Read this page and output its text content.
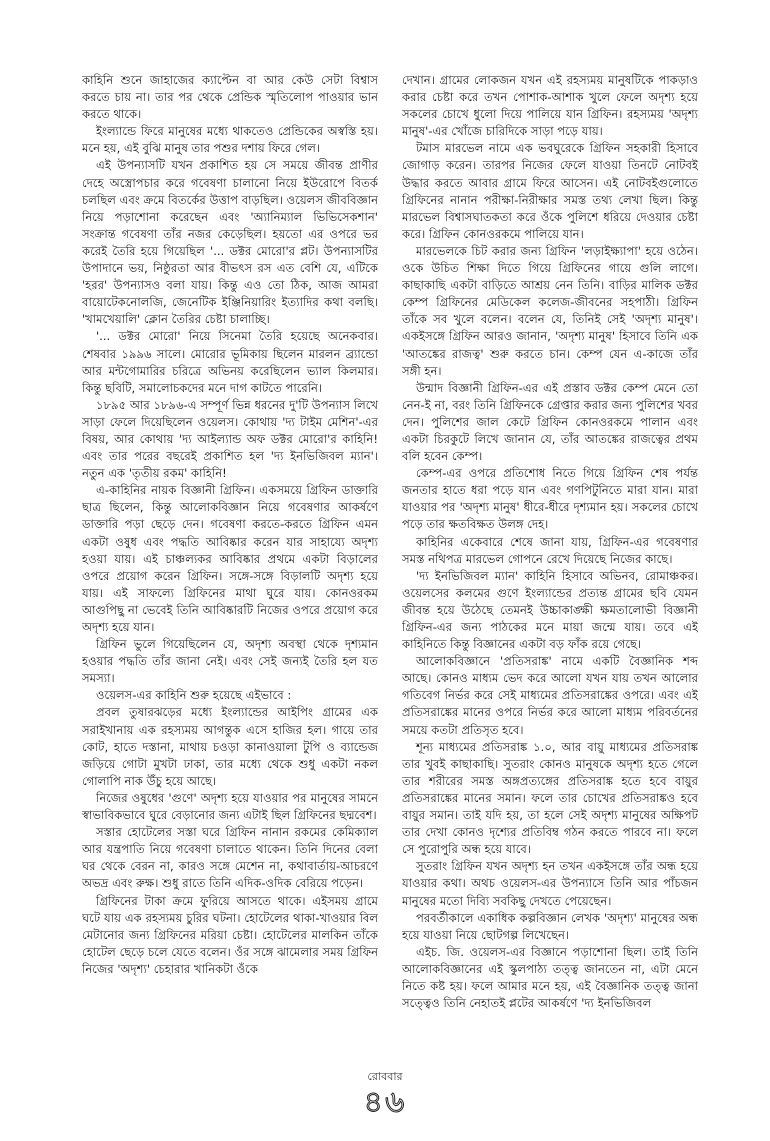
কাহিনি শুনে জাহাজের ক্যাপ্টেন বা আর কেউ সেটা বিশ্বাস করতে চায় না। তার পর থেকে প্রেন্ডিক স্মৃতিলোপ পাওয়ার ভান করতে থাকে।

ইংল্যান্ডে ফিরে মানুষের মধ্যে থাকতেও প্রেন্ডিকের অস্বস্তি হয়। মনে হয়, এই বুঝি মানুষ তার পশুর দশায় ফিরে গেল।

এই উপন্যাসটি যখন প্রকাশিত হয় সে সময়ে জীবন্ত প্রাণীর দেহে অস্ত্রোপচার করে গবেষণা চালানো নিয়ে ইউরোপে বিতর্ক চলছিল এবং ক্রমে বিতর্কের উত্তাপ বাড়ছিল। ওয়েলস জীববিজ্ঞান নিয়ে পড়াশোনা করেছেন এবং 'অ্যানিম্যাল ভিভিসেকশান' সংক্রান্ত গবেষণা তাঁর নজর কেড়েছিল। হয়তো এর ওপরে ভর করেই তৈরি হয়ে গিয়েছিল '... ডক্টর মোরো'র প্লট। উপন্যাসটির উপাদানে ভয়, নিষ্ঠুরতা আর বীভৎস রস এত বেশি যে, এটিকে 'হরর' উপন্যাসও বলা যায়। কিন্তু এও তো ঠিক, আজ আমরা বায়োটেকনোলজি, জেনেটিক ইঞ্জিনিয়ারিং ইত্যাদির কথা বলছি। 'খামখেয়ালি' ক্লোন তৈরির চেষ্টা চালাচ্ছি।

'... ডক্টর মোরো' নিয়ে সিনেমা তৈরি হয়েছে অনেকবার। শেষবার ১৯৯৬ সালে। মোরোর ভূমিকায় ছিলেন মারলন ব্র্যান্ডো আর মন্টগোমারির চরিত্রে অভিনয় করেছিলেন ভ্যাল কিলমার। কিন্তু ছবিটি, সমালোচকদের মনে দাগ কাটতে পারেনি।

১৮৯৫ আর ১৮৯৬-এ সম্পূর্ণ ভিন্ন ধরনের দু'টি উপন্যাস লিখে সাড়া ফেলে দিয়েছিলেন ওয়েলস। কোথায় 'দ্য টাইম মেশিন'-এর বিষয়, আর কোথায় 'দ্য আইল্যান্ড অফ ডক্টর মোরো'র কাহিনি! এবং তার পরের বছরেই প্রকাশিত হল 'দ্য ইনভিজিবল ম্যান'। নতুন এক 'তৃতীয় রকম' কাহিনি!

এ-কাহিনির নায়ক বিজ্ঞানী গ্রিফিন। একসময়ে গ্রিফিন ডাক্তারি ছাত্র ছিলেন, কিন্তু আলোকবিজ্ঞান নিয়ে গবেষণার আকর্ষণে ডাক্তারি পড়া ছেড়ে দেন। গবেষণা করতে-করতে গ্রিফিন এমন একটা ওষুধ এবং পদ্ধতি আবিষ্কার করেন যার সাহায্যে অদৃশ্য হওয়া যায়। এই চাঞ্চল্যকর আবিষ্কার প্রথমে একটা বিড়ালের ওপরে প্রয়োগ করেন গ্রিফিন। সঙ্গে-সঙ্গে বিড়ালটি অদৃশ্য হয়ে যায়। এই সাফল্যে গ্রিফিনের মাথা ঘুরে যায়। কোনওরকম আগুপিছু না ভেবেই তিনি আবিষ্কারটি নিজের ওপরে প্রয়োগ করে অদৃশ্য হয়ে যান।

গ্রিফিন ভুলে গিয়েছিলেন যে, অদৃশ্য অবস্থা থেকে দৃশ্যমান হওয়ার পদ্ধতি তাঁর জানা নেই। এবং সেই জন্যই তৈরি হল যত সমস্যা।

ওয়েলস-এর কাহিনি শুরু হয়েছে এইভাবে :

প্রবল তুষারঝড়ের মধ্যে ইংল্যান্ডের আইপিং গ্রামের এক সরাইখানায় এক রহস্যময় আগন্তুক এসে হাজির হল। গায়ে তার কোট, হাতে দস্তানা, মাথায় চওড়া কানাওয়ালা টুপি ও ব্যান্ডেজ জড়িয়ে গোটা মুখটা ঢাকা, তার মধ্যে থেকে শুধু একটা নকল গোলাপি নাক উঁচু হয়ে আছে।

নিজের ওষুধের 'গুণে' অদৃশ্য হয়ে যাওয়ার পর মানুষের সামনে স্বাভাবিকভাবে ঘুরে বেড়ানোর জন্য এটাই ছিল গ্রিফিনের ছদ্মবেশ।

সস্তার হোটেলের সস্তা ঘরে গ্রিফিন নানান রকমের কেমিক্যাল আর যন্ত্রপাতি নিয়ে গবেষণা চালাতে থাকেন। তিনি দিনের বেলা ঘর থেকে বেরন না, কারও সঙ্গে মেশেন না, কথাবার্তায়-আচরণে অভদ্র এবং রুক্ষ। শুধু রাতে তিনি এদিক-ওদিক বেরিয়ে পড়েন।

গ্রিফিনের টাকা ক্রমে ফুরিয়ে আসতে থাকে। এইসময় গ্রামে ঘটে যায় এক রহস্যময় চুরির ঘটনা। হোটেলের থাকা-খাওয়ার বিল মেটানোর জন্য গ্রিফিনের মরিয়া চেষ্টা। হোটেলের মালকিন তাঁকে হোটেল ছেড়ে চলে যেতে বলেন। ওঁর সঙ্গে ঝামেলার সময় গ্রিফিন নিজের 'অদৃশ্য' চেহারার খানিকটা ওঁকে

দেখান। গ্রামের লোকজন যখন এই রহস্যময় মানুষটিকে পাকড়াও করার চেষ্টা করে তখন পোশাক-আশাক খুলে ফেলে অদৃশ্য হয়ে সকলের চোখে ধুলো দিয়ে পালিয়ে যান গ্রিফিন। রহস্যময় 'অদৃশ্য মানুষ'-এর খোঁজে চারিদিকে সাড়া পড়ে যায়।

টমাস মারভেল নামে এক ভবঘুরেকে গ্রিফিন সহকারী হিসাবে জোগাড় করেন। তারপর নিজের ফেলে যাওয়া তিনটে নোটবই উদ্ধার করতে আবার গ্রামে ফিরে আসেন। এই নোটবইগুলোতে গ্রিফিনের নানান পরীক্ষা-নিরীক্ষার সমস্ত তথ্য লেখা ছিল। কিন্তু মারভেল বিশ্বাসঘাতকতা করে ওঁকে পুলিশে ধরিয়ে দেওয়ার চেষ্টা করে। গ্রিফিন কোনওরকমে পালিয়ে যান।

মারভেলকে চিট করার জন্য গ্রিফিন 'লড়াইক্ষ্যাপা' হয়ে ওঠেন। ওকে উচিত শিক্ষা দিতে গিয়ে গ্রিফিনের গায়ে গুলি লাগে। কাছাকাছি একটা বাড়িতে আশ্রয় নেন তিনি। বাড়ির মালিক ডক্টর কেম্প গ্রিফিনের মেডিকেল কলেজ-জীবনের সহপাঠী। গ্রিফিন তাঁকে সব খুলে বলেন। বলেন যে, তিনিই সেই 'অদৃশ্য মানুষ'। একইসঙ্গে গ্রিফিন আরও জানান, 'অদৃশ্য মানুষ' হিসাবে তিনি এক 'আতঙ্কের রাজত্ব' শুরু করতে চান। কেম্প যেন এ-কাজে তাঁর সঙ্গী হন।

উন্মাদ বিজ্ঞানী গ্রিফিন-এর এই প্রস্তাব ডক্টর কেম্প মেনে তো নেন-ই না, বরং তিনি গ্রিফিনকে গ্রেপ্তার করার জন্য পুলিশের খবর দেন। পুলিশের জাল কেটে গ্রিফিন কোনওরকমে পালান এবং একটা চিরকুটে লিখে জানান যে, তাঁর আতঙ্কের রাজত্বের প্রথম বলি হবেন কেম্প।

কেম্প-এর ওপরে প্রতিশোধ নিতে গিয়ে গ্রিফিন শেষ পর্যন্ত জনতার হাতে ধরা পড়ে যান এবং গণপিটুনিতে মারা যান। মারা যাওয়ার পর 'অদৃশ্য মানুষ' ধীরে-ধীরে দৃশ্যমান হয়। সকলের চোখে পড়ে তার ক্ষতবিক্ষত উলঙ্গ দেহ।

কাহিনির একেবারে শেষে জানা যায়, গ্রিফিন-এর গবেষণার সমস্ত নথিপত্র মারভেল গোপনে রেখে দিয়েছে নিজের কাছে।

'দ্য ইনভিজিবল ম্যান' কাহিনি হিসাবে অভিনব, রোমাঞ্চকর। ওয়েলসের কলমের গুণে ইংল্যান্ডের প্রত্যন্ত গ্রামের ছবি যেমন জীবন্ত হয়ে উঠেছে তেমনই উচ্চাকাঙ্ক্ষী ক্ষমতালোভী বিজ্ঞানী গ্রিফিন-এর জন্য পাঠকের মনে মায়া জন্মে যায়। তবে এই কাহিনিতে কিন্তু বিজ্ঞানের একটা বড় ফাঁক রয়ে গেছে।

আলোকবিজ্ঞানে 'প্রতিসরাঙ্ক' নামে একটি বৈজ্ঞানিক শব্দ আছে। কোনও মাধ্যম ভেদ করে আলো যখন যায় তখন আলোর গতিবেগ নির্ভর করে সেই মাধ্যমের প্রতিসরাঙ্কের ওপরে। এবং এই প্রতিসরাঙ্কের মানের ওপরে নির্ভর করে আলো মাধ্যম পরিবর্তনের সময়ে কতটা প্রতিসৃত হবে।

শূন্য মাধ্যমের প্রতিসরাঙ্ক ১.০, আর বায়ু মাধ্যমের প্রতিসরাঙ্ক তার খুবই কাছাকাছি। সুতরাং কোনও মানুষকে অদৃশ্য হতে গেলে তার শরীরের সমস্ত অঙ্গপ্রত্যঙ্গের প্রতিসরাঙ্ক হতে হবে বায়ুর প্রতিসরাঙ্কের মানের সমান। ফলে তার চোখের প্রতিসরাঙ্কও হবে বায়ুর সমান। তাই যদি হয়, তা হলে সেই অদৃশ্য মানুষের অক্ষিপট তার দেখা কোনও দৃশ্যের প্রতিবিম্ব গঠন করতে পারবে না। ফলে সে পুরোপুরি অন্ধ হয়ে যাবে।

সুতরাং গ্রিফিন যখন অদৃশ্য হন তখন একইসঙ্গে তাঁর অন্ধ হয়ে যাওয়ার কথা। অথচ ওয়েলস-এর উপন্যাসে তিনি আর পাঁচজন মানুষের মতো দিব্যি সবকিছু দেখতে পেয়েছেন।

পরবর্তীকালে একাধিক কল্পবিজ্ঞান লেখক 'অদৃশ্য' মানুষের অন্ধ হয়ে যাওয়া নিয়ে ছোটগল্প লিখেছেন।

এইচ. জি. ওয়েলস-এর বিজ্ঞানে পড়াশোনা ছিল। তাই তিনি আলোকবিজ্ঞানের এই স্কুলপাঠ্য তত্ত্ব জানতেন না, এটা মেনে নিতে কষ্ট হয়। ফলে আমার মনে হয়, এই বৈজ্ঞানিক তত্ত্ব জানা সত্ত্বেও তিনি নেহাতই প্লটের আকর্ষণে 'দ্য ইনভিজিবল

রোববার
৪৬
